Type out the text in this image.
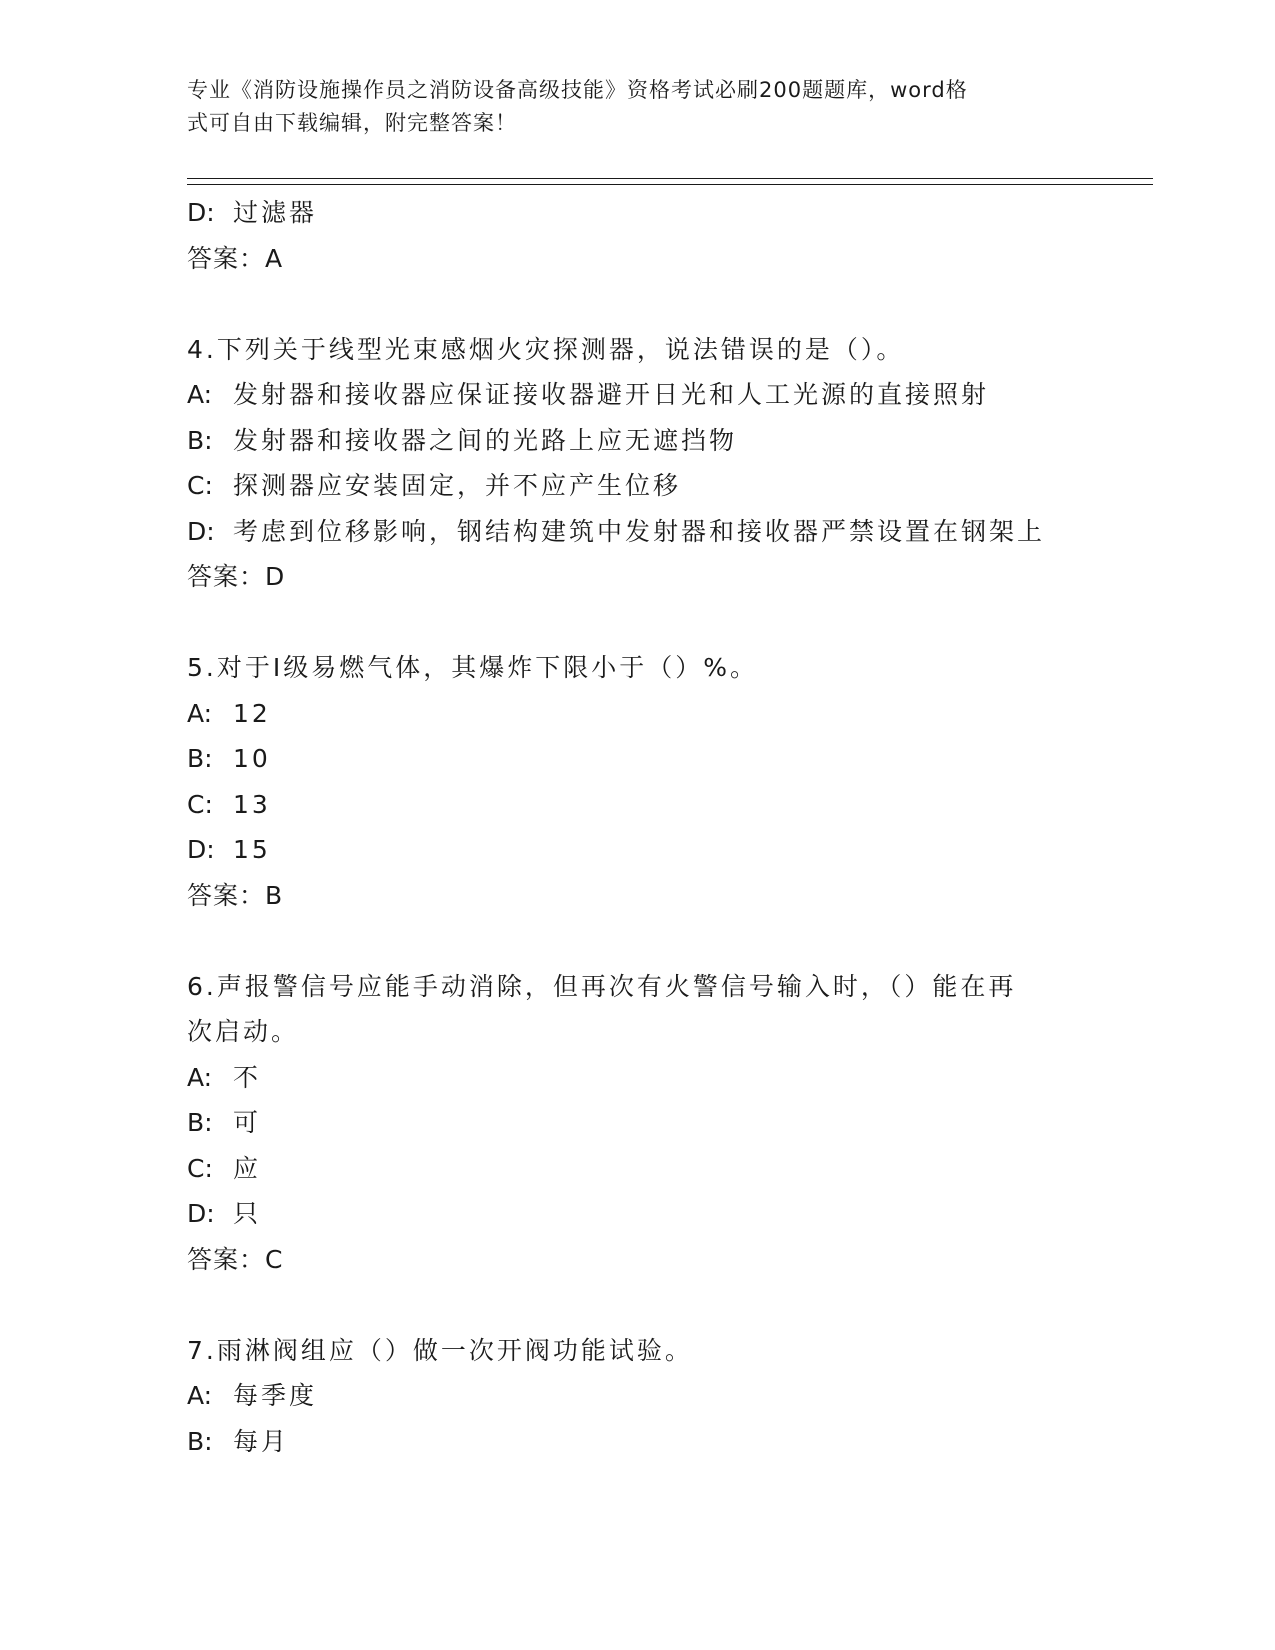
专业《消防设施操作员之消防设备高级技能》资格考试必刷200题题库，word格
式可自由下载编辑，附完整答案！
D: 过滤器
答案：A
4.下列关于线型光束感烟火灾探测器，说法错误的是（）。
A: 发射器和接收器应保证接收器避开日光和人工光源的直接照射
B: 发射器和接收器之间的光路上应无遮挡物
C: 探测器应安装固定，并不应产生位移
D: 考虑到位移影响，钢结构建筑中发射器和接收器严禁设置在钢架上
答案：D
5.对于Ⅰ级易燃气体，其爆炸下限小于（）%。
A: 12
B: 10
C: 13
D: 15
答案：B
6.声报警信号应能手动消除，但再次有火警信号输入时，（）能在再
次启动。
A: 不
B: 可
C: 应
D: 只
答案：C
7.雨淋阀组应（）做一次开阀功能试验。
A: 每季度
B: 每月
